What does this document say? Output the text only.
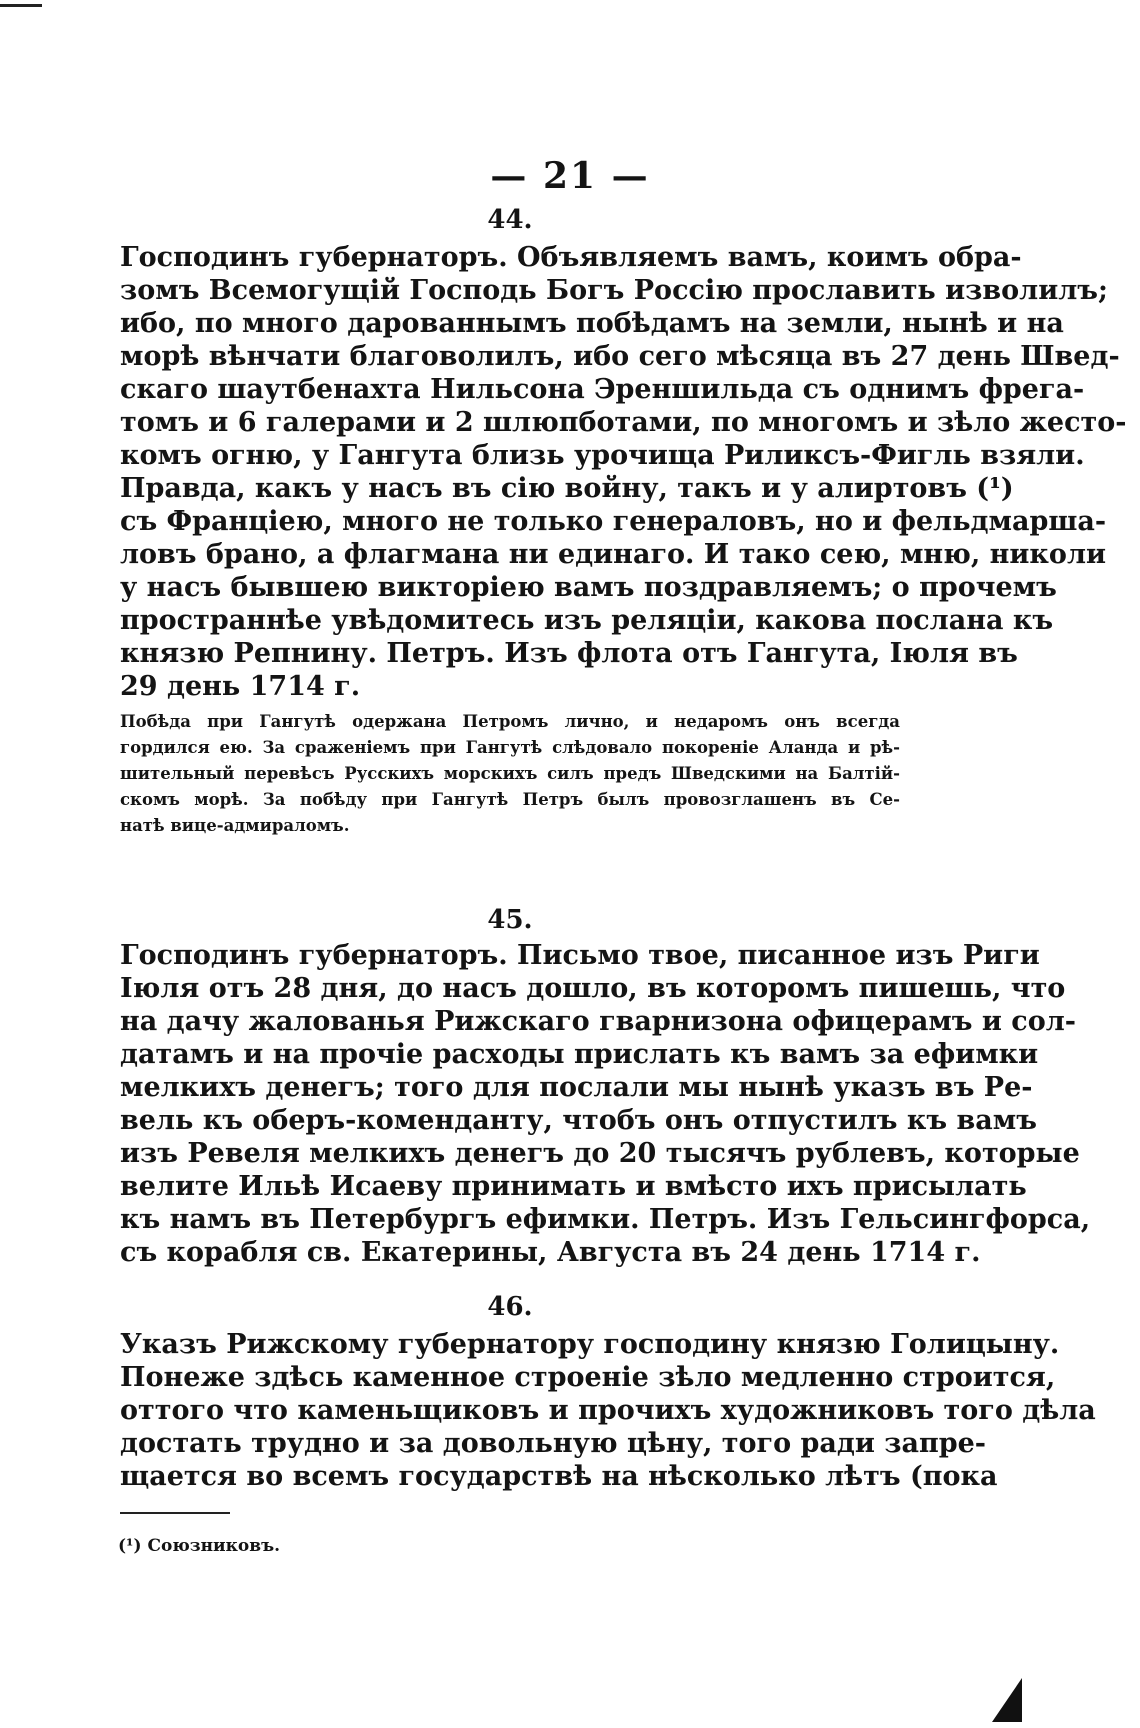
— 21 —
44.
Господинъ губернаторъ. Объявляемъ вамъ, коимъ обра-
зомъ Всемогущій Господь Богъ Россію прославить изволилъ;
ибо, по много дарованнымъ побѣдамъ на земли, нынѣ и на
морѣ вѣнчати благоволилъ, ибо сего мѣсяца въ 27 день Швед-
скаго шаутбенахта Нильсона Эреншильда съ однимъ фрега-
томъ и 6 галерами и 2 шлюпботами, по многомъ и зѣло жесто-
комъ огню, у Гангута близь урочища Риликсъ-Фигль взяли.
Правда, какъ у насъ въ сію войну, такъ и у алиртовъ (¹)
съ Франціею, много не только генераловъ, но и фельдмарша-
ловъ брано, а флагмана ни единаго. И тако сею, мню, николи
у насъ бывшею викторіею вамъ поздравляемъ; о прочемъ
пространнѣе увѣдомитесь изъ реляціи, какова послана къ
князю Репнину. Петръ. Изъ флота отъ Гангута, Іюля въ
29 день 1714 г.
Побѣда при Гангутѣ одержана Петромъ лично, и недаромъ онъ всегда
гордился ею. За сраженіемъ при Гангутѣ слѣдовало покореніе Аланда и рѣ-
шительный перевѣсъ Русскихъ морскихъ силъ предъ Шведскими на Балтій-
скомъ морѣ. За побѣду при Гангутѣ Петръ былъ провозглашенъ въ Се-
натѣ вице-адмираломъ.
45.
Господинъ губернаторъ. Письмо твое, писанное изъ Риги
Іюля отъ 28 дня, до насъ дошло, въ которомъ пишешь, что
на дачу жалованья Рижскаго гварнизона офицерамъ и сол-
датамъ и на прочіе расходы прислать къ вамъ за ефимки
мелкихъ денегъ; того для послали мы нынѣ указъ въ Ре-
вель къ оберъ-коменданту, чтобъ онъ отпустилъ къ вамъ
изъ Ревеля мелкихъ денегъ до 20 тысячъ рублевъ, которые
велите Ильѣ Исаеву принимать и вмѣсто ихъ присылать
къ намъ въ Петербургъ ефимки. Петръ. Изъ Гельсингфорса,
съ корабля св. Екатерины, Августа въ 24 день 1714 г.
46.
Указъ Рижскому губернатору господину князю Голицыну.
Понеже здѣсь каменное строеніе зѣло медленно строится,
оттого что каменьщиковъ и прочихъ художниковъ того дѣла
достать трудно и за довольную цѣну, того ради запре-
щается во всемъ государствѣ на нѣсколько лѣтъ (пока
(¹) Союзниковъ.
